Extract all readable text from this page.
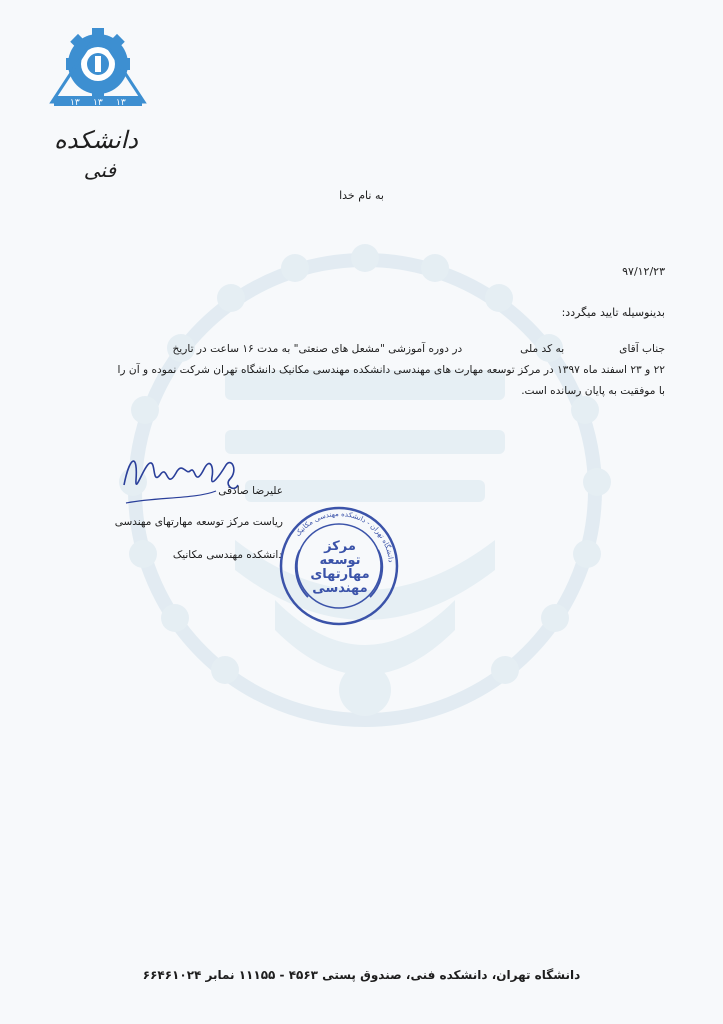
۱۳ ۱۳ ۱۳
دانشکده
فنی
به نام خدا
۹۷/۱۲/۲۳
بدینوسیله تایید میگردد:
جناب آقایبه کد ملیدر دوره آموزشی "مشعل های صنعتی" به مدت ۱۶ ساعت در تاریخ
۲۲ و ۲۳ اسفند ماه ۱۳۹۷ در مرکز توسعه مهارت های مهندسی دانشکده مهندسی مکانیک دانشگاه تهران شرکت نموده و آن را
با موفقیت به پایان رسانده است.
علیرضا صادقی
ریاست مرکز توسعه مهارتهای مهندسی
دانشکده مهندسی مکانیک
دانشگاه تهران - دانشکده مهندسی مکانیک
مرکز
توسعه
مهارتهای
مهندسی
دانشگاه تهران، دانشکده فنی، صندوق پستی ۴۵۶۳ - ۱۱۱۵۵ نمابر ۶۶۴۶۱۰۲۴
